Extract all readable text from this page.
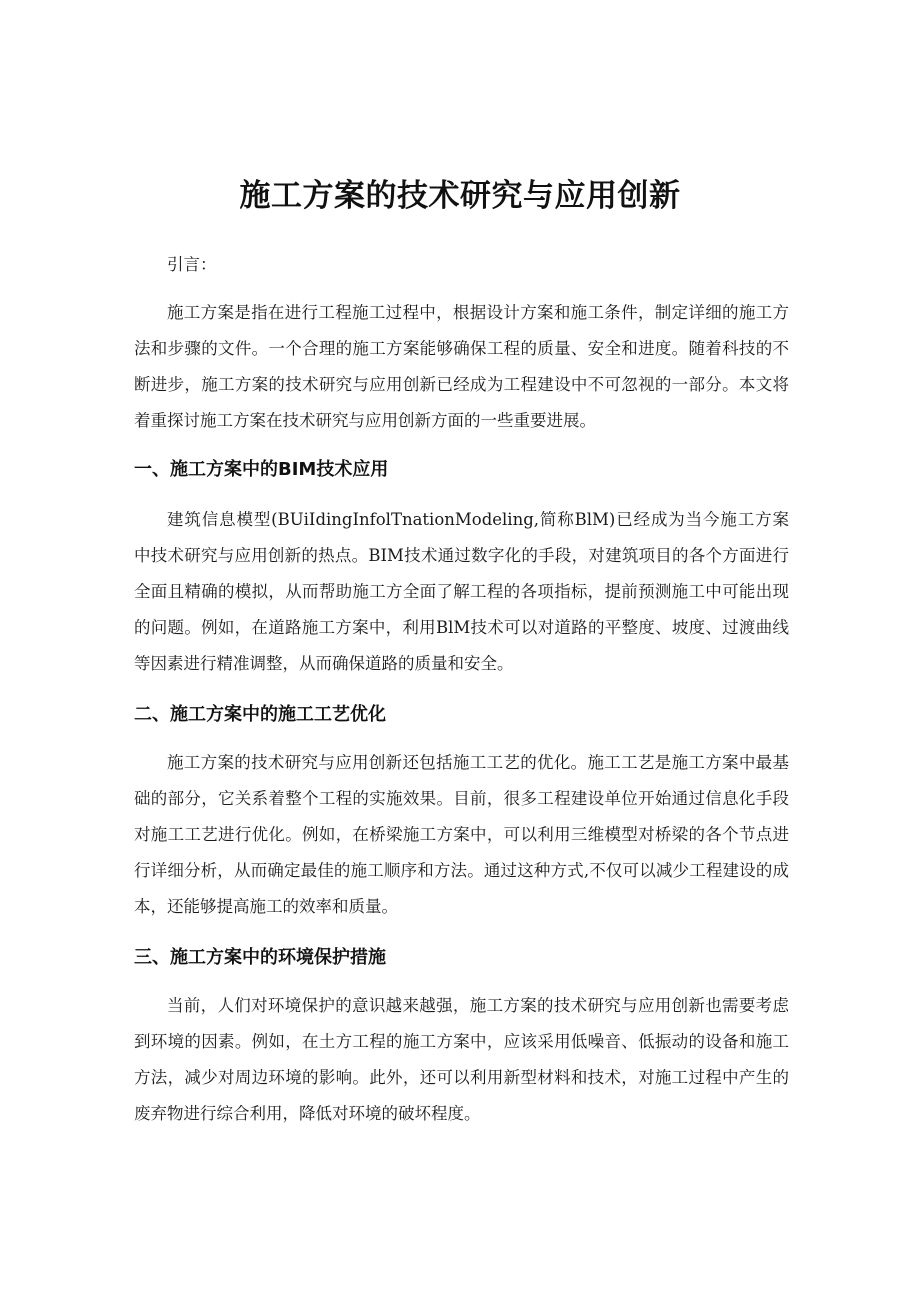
施工方案的技术研究与应用创新

引言：

施工方案是指在进行工程施工过程中，根据设计方案和施工条件，制定详细的施工方法和步骤的文件。一个合理的施工方案能够确保工程的质量、安全和进度。随着科技的不断进步，施工方案的技术研究与应用创新已经成为工程建设中不可忽视的一部分。本文将着重探讨施工方案在技术研究与应用创新方面的一些重要进展。

一、施工方案中的BIM技术应用

建筑信息模型(BUiIdingInfolTnationModeling,简称BlM)已经成为当今施工方案中技术研究与应用创新的热点。BIM技术通过数字化的手段，对建筑项目的各个方面进行全面且精确的模拟，从而帮助施工方全面了解工程的各项指标，提前预测施工中可能出现的问题。例如，在道路施工方案中，利用BlM技术可以对道路的平整度、坡度、过渡曲线等因素进行精准调整，从而确保道路的质量和安全。

二、施工方案中的施工工艺优化

施工方案的技术研究与应用创新还包括施工工艺的优化。施工工艺是施工方案中最基础的部分，它关系着整个工程的实施效果。目前，很多工程建设单位开始通过信息化手段对施工工艺进行优化。例如，在桥梁施工方案中，可以利用三维模型对桥梁的各个节点进行详细分析，从而确定最佳的施工顺序和方法。通过这种方式,不仅可以减少工程建设的成本，还能够提高施工的效率和质量。

三、施工方案中的环境保护措施

当前，人们对环境保护的意识越来越强，施工方案的技术研究与应用创新也需要考虑到环境的因素。例如，在土方工程的施工方案中，应该采用低噪音、低振动的设备和施工方法，减少对周边环境的影响。此外，还可以利用新型材料和技术，对施工过程中产生的废弃物进行综合利用，降低对环境的破坏程度。
